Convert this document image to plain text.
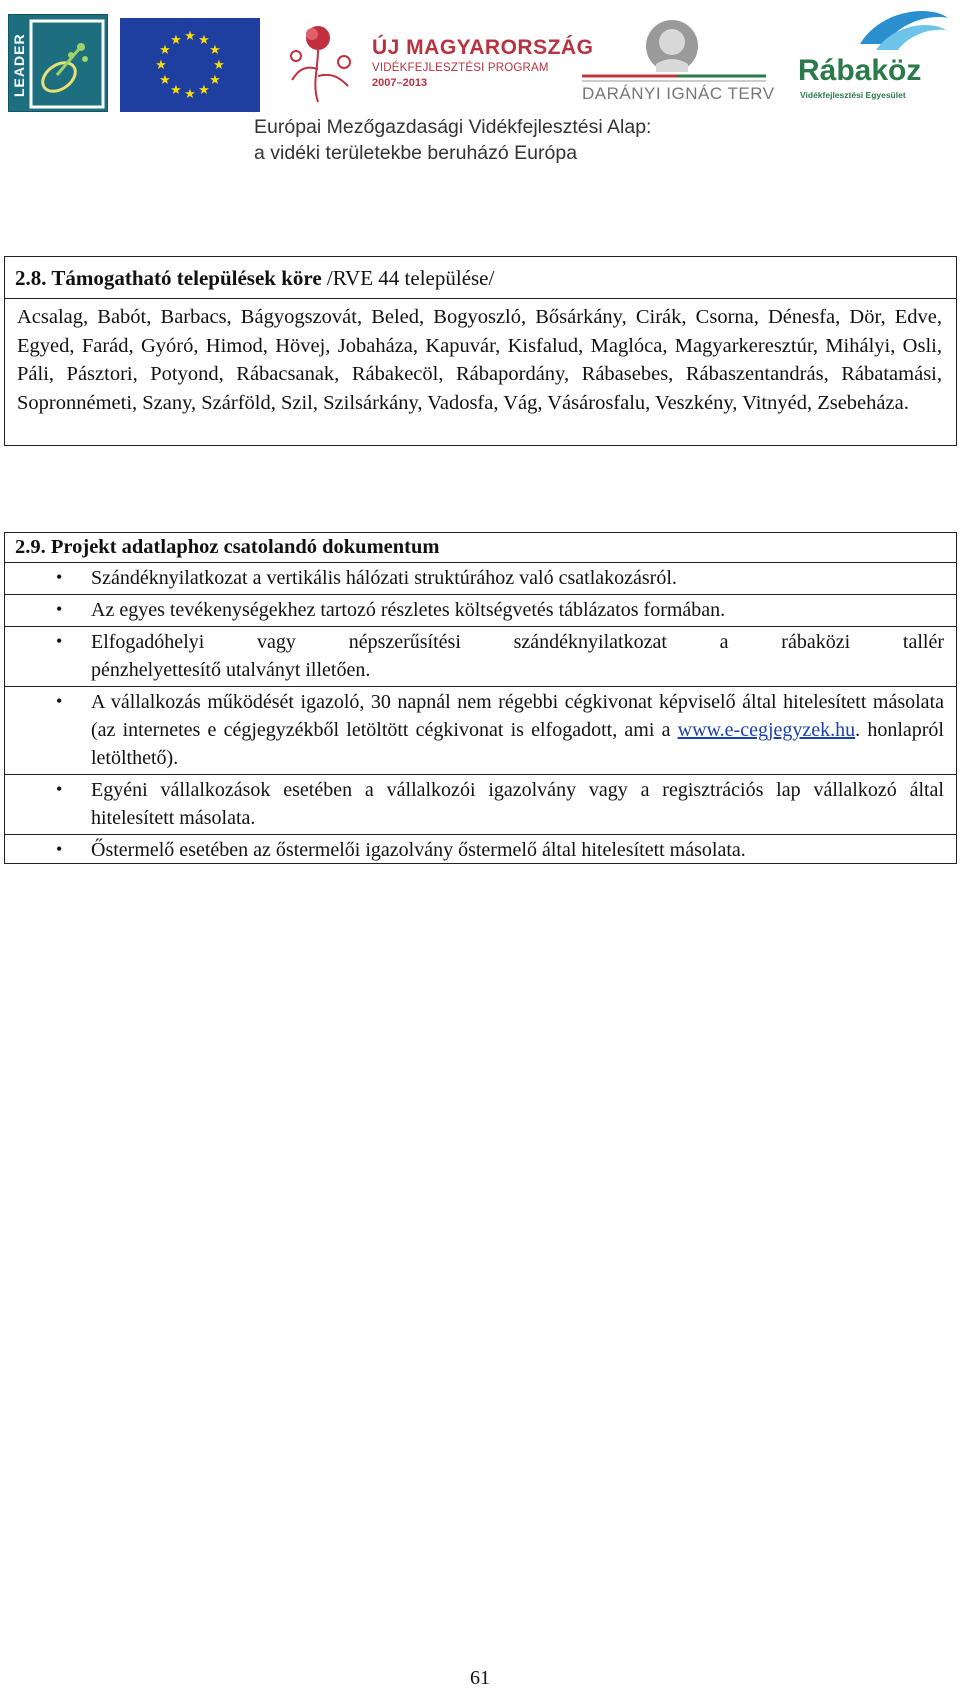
LEADER	★ ★
★
★
★
★
★
★
★
★
★
★	ÚJ MAGYARORSZÁG
VIDÉKFEJLESZTÉSI PROGRAM
2007–2013
DARÁNYI IGNÁC TERV
Rábaköz
Vidékfejlesztési Egyesület
Európai Mezőgazdasági Vidékfejlesztési Alap:
a vidéki területekbe beruházó Európa
2.8. Támogatható települések köre /RVE 44 települése/
Acsalag, Babót, Barbacs, Bágyogszovát, Beled, Bogyoszló, Bősárkány, Cirák, Csorna, Dénesfa, Dör, Edve, Egyed, Farád, Gyóró, Himod, Hövej, Jobaháza, Kapuvár, Kisfalud, Maglóca, Magyarkeresztúr, Mihályi, Osli, Páli, Pásztori, Potyond, Rábacsanak, Rábakecöl, Rábapordány, Rábasebes, Rábaszentandrás, Rábatamási, Sopronnémeti, Szany, Szárföld, Szil, Szilsárkány, Vadosfa, Vág, Vásárosfalu, Veszkény, Vitnyéd, Zsebeháza.
2.9. Projekt adatlaphoz csatolandó dokumentum
• Szándéknyilatkozat a vertikális hálózati struktúrához való csatlakozásról.
• Az egyes tevékenységekhez tartozó részletes költségvetés táblázatos formában.
• Elfogadóhelyi vagy népszerűsítési szándéknyilatkozat a rábaközi tallér
pénzhelyettesítő utalványt illetően.
• A vállalkozás működését igazoló, 30 napnál nem régebbi cégkivonat képviselő által hitelesített másolata (az internetes e cégjegyzékből letöltött cégkivonat is elfogadott, ami a www.e-cegjegyzek.hu. honlapról letölthető).
• Egyéni vállalkozások esetében a vállalkozói igazolvány vagy a regisztrációs lap vállalkozó által hitelesített másolata.
• Őstermelő esetében az őstermelői igazolvány őstermelő által hitelesített másolata.
61
